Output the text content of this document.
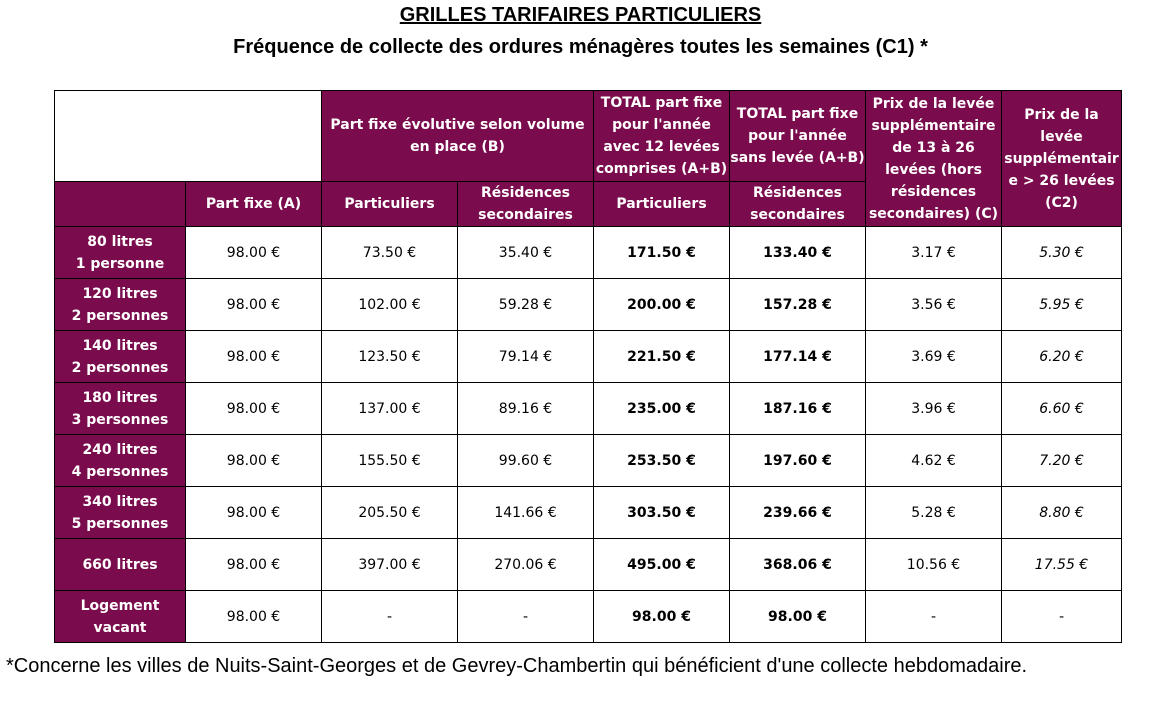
GRILLES TARIFAIRES PARTICULIERS
Fréquence de collecte des ordures ménagères toutes les semaines (C1) *
		Part fixe évolutive selon volume en place (B)		TOTAL part fixe pour l'année avec 12 levées comprises (A+B)	TOTAL part fixe pour l'année sans levée (A+B)	Prix de la levée supplémentaire de 13 à 26 levées (hors résidences secondaires) (C)	Prix de la levée supplémentair e > 26 levées (C2)
	Part fixe (A)	Particuliers	Résidences secondaires	Particuliers	Résidences secondaires		

80 litres
1 personne	98.00 €	73.50 €	35.40 €	171.50 €	133.40 €	3.17 €	5.30 €

120 litres
2 personnes	98.00 €	102.00 €	59.28 €	200.00 €	157.28 €	3.56 €	5.95 €

140 litres
2 personnes	98.00 €	123.50 €	79.14 €	221.50 €	177.14 €	3.69 €	6.20 €

180 litres
3 personnes	98.00 €	137.00 €	89.16 €	235.00 €	187.16 €	3.96 €	6.60 €

240 litres
4 personnes	98.00 €	155.50 €	99.60 €	253.50 €	197.60 €	4.62 €	7.20 €

340 litres
5 personnes	98.00 €	205.50 €	141.66 €	303.50 €	239.66 €	5.28 €	8.80 €

660 litres	98.00 €	397.00 €	270.06 €	495.00 €	368.06 €	10.56 €	17.55 €

Logement
vacant	98.00 €	-	-	98.00 €	98.00 €	-	-
*Concerne les villes de Nuits-Saint-Georges et de Gevrey-Chambertin qui bénéficient d'une collecte hebdomadaire.
